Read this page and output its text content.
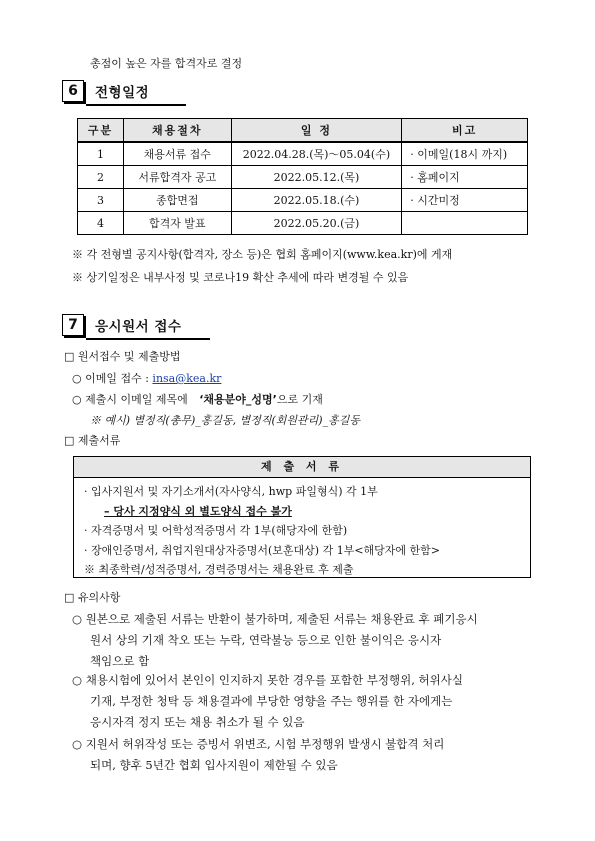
총점이 높은 자를 합격자로 결정
6	전형일정
구분	채용절차	일 정	비고
1	채용서류 접수	2022.04.28.(목)～05.04(수)	· 이메일(18시 까지)
2	서류합격자 공고	2022.05.12.(목)	· 홈페이지
3	종합면접	2022.05.18.(수)	· 시간미정
4	합격자 발표	2022.05.20.(금)	
※ 각 전형별 공지사항(합격자, 장소 등)은 협회 홈페이지(www.kea.kr)에 게재
※ 상기일정은 내부사정 및 코로나19 확산 추세에 따라 변경될 수 있음
7	응시원서 접수
□ 원서접수 및 제출방법
○ 이메일 접수 : insa@kea.kr
○ 제출시 이메일 제목에 ‘채용분야_성명’으로 기재
※ 예시) 별정직(총무)_홍길동, 별정직(회원관리)_홍길동
□ 제출서류
제 출 서 류
· 입사지원서 및 자기소개서(자사양식, hwp 파일형식) 각 1부
– 당사 지정양식 외 별도양식 접수 불가
· 자격증명서 및 어학성적증명서 각 1부(해당자에 한함)
· 장애인증명서, 취업지원대상자증명서(보훈대상) 각 1부<해당자에 한함>
※ 최종학력/성적증명서, 경력증명서는 채용완료 후 제출
□ 유의사항
○ 원본으로 제출된 서류는 반환이 불가하며, 제출된 서류는 채용완료 후 폐기응시
원서 상의 기재 착오 또는 누락, 연락불능 등으로 인한 불이익은 응시자
책임으로 함
○ 채용시험에 있어서 본인이 인지하지 못한 경우를 포함한 부정행위, 허위사실
기재, 부정한 청탁 등 채용결과에 부당한 영향을 주는 행위를 한 자에게는
응시자격 정지 또는 채용 취소가 될 수 있음
○ 지원서 허위작성 또는 증빙서 위변조, 시험 부정행위 발생시 불합격 처리
되며, 향후 5년간 협회 입사지원이 제한될 수 있음
